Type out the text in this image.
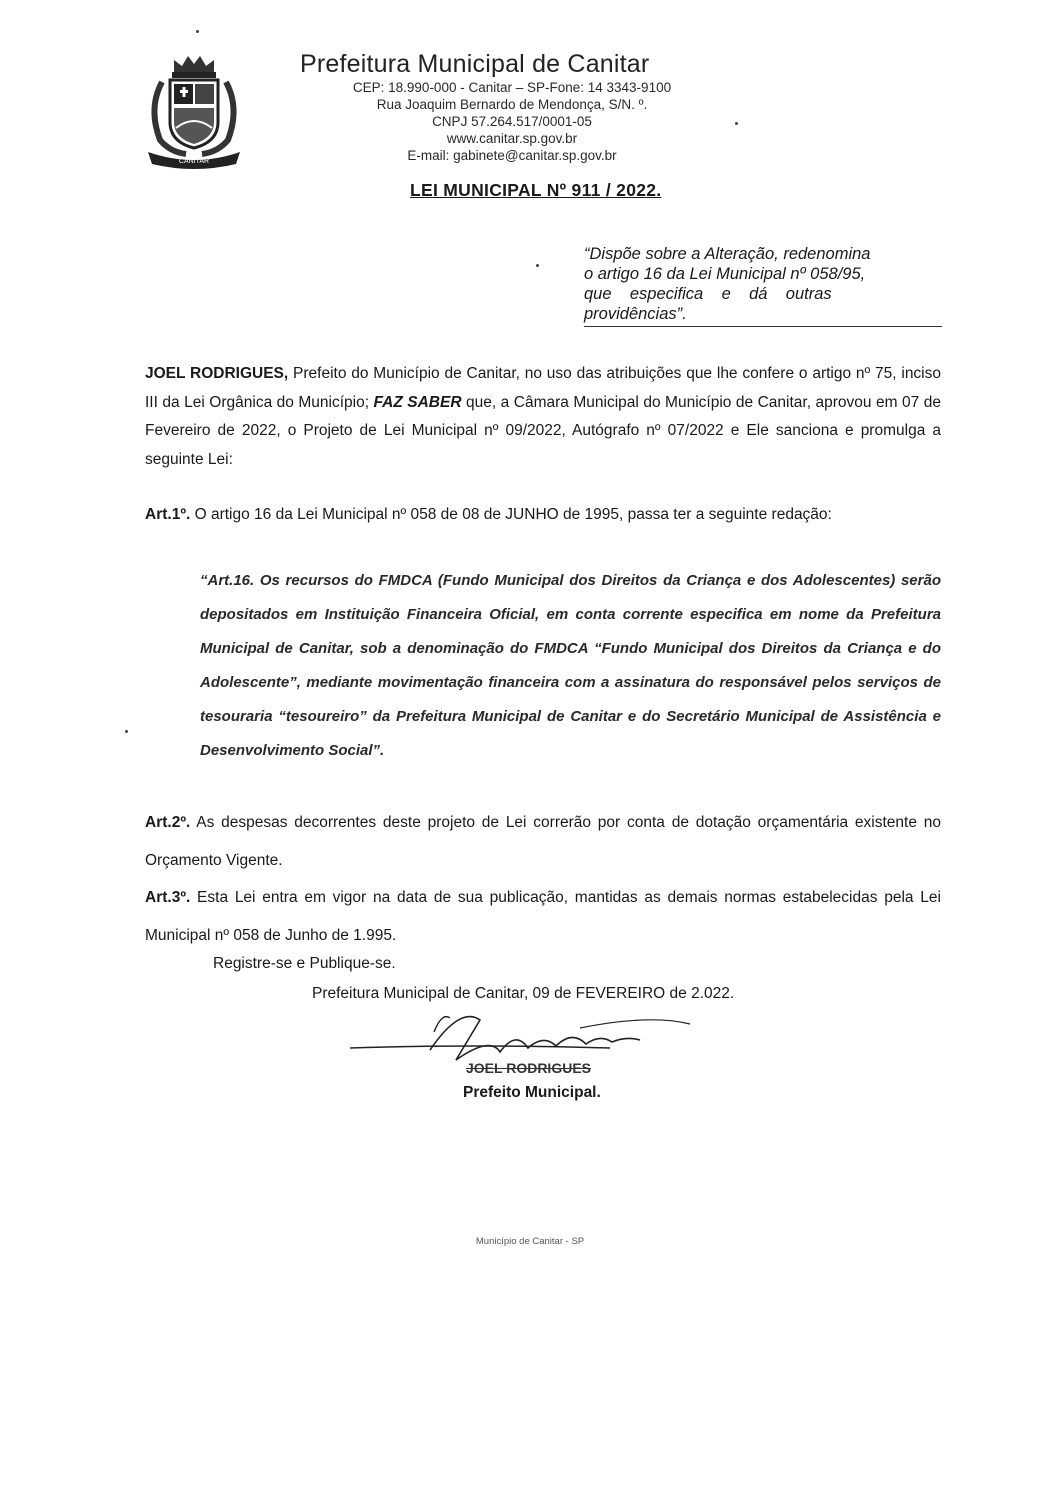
CANITAR
Prefeitura Municipal de Canitar
CEP: 18.990-000 - Canitar – SP-Fone: 14 3343-9100
Rua Joaquim Bernardo de Mendonça, S/N. º.
CNPJ 57.264.517/0001-05
www.canitar.sp.gov.br
E-mail: gabinete@canitar.sp.gov.br
LEI MUNICIPAL Nº 911 / 2022.
“Dispõe sobre a Alteração, redenomina
o artigo 16 da Lei Municipal nº 058/95,
que    especifica    e    dá    outras
providências”.
JOEL RODRIGUES, Prefeito do Município de Canitar, no uso das atribuições que lhe confere o artigo nº 75, inciso III da Lei Orgânica do Município; FAZ SABER que, a Câmara Municipal do Município de Canitar, aprovou em 07 de Fevereiro de 2022, o Projeto de Lei Municipal nº 09/2022, Autógrafo nº 07/2022 e Ele sanciona e promulga a seguinte Lei:
Art.1º. O artigo 16 da Lei Municipal nº 058 de 08 de JUNHO de 1995, passa ter a seguinte redação:
“Art.16. Os recursos do FMDCA (Fundo Municipal dos Direitos da Criança e dos Adolescentes) serão depositados em Instituição Financeira Oficial, em conta corrente especifica em nome da Prefeitura Municipal de Canitar, sob a denominação do FMDCA “Fundo Municipal dos Direitos da Criança e do Adolescente”, mediante movimentação financeira com a assinatura do responsável pelos serviços de tesouraria “tesoureiro” da Prefeitura Municipal de Canitar e do Secretário Municipal de Assistência e Desenvolvimento Social”.
Art.2º. As despesas decorrentes deste projeto de Lei correrão por conta de dotação orçamentária existente no Orçamento Vigente.
Art.3º. Esta Lei entra em vigor na data de sua publicação, mantidas as demais normas estabelecidas pela Lei Municipal nº 058 de Junho de 1.995.
Registre-se e Publique-se.
Prefeitura Municipal de Canitar, 09 de FEVEREIRO de 2.022.
JOEL RODRIGUES
Prefeito Municipal.
Município de Canitar - SP
